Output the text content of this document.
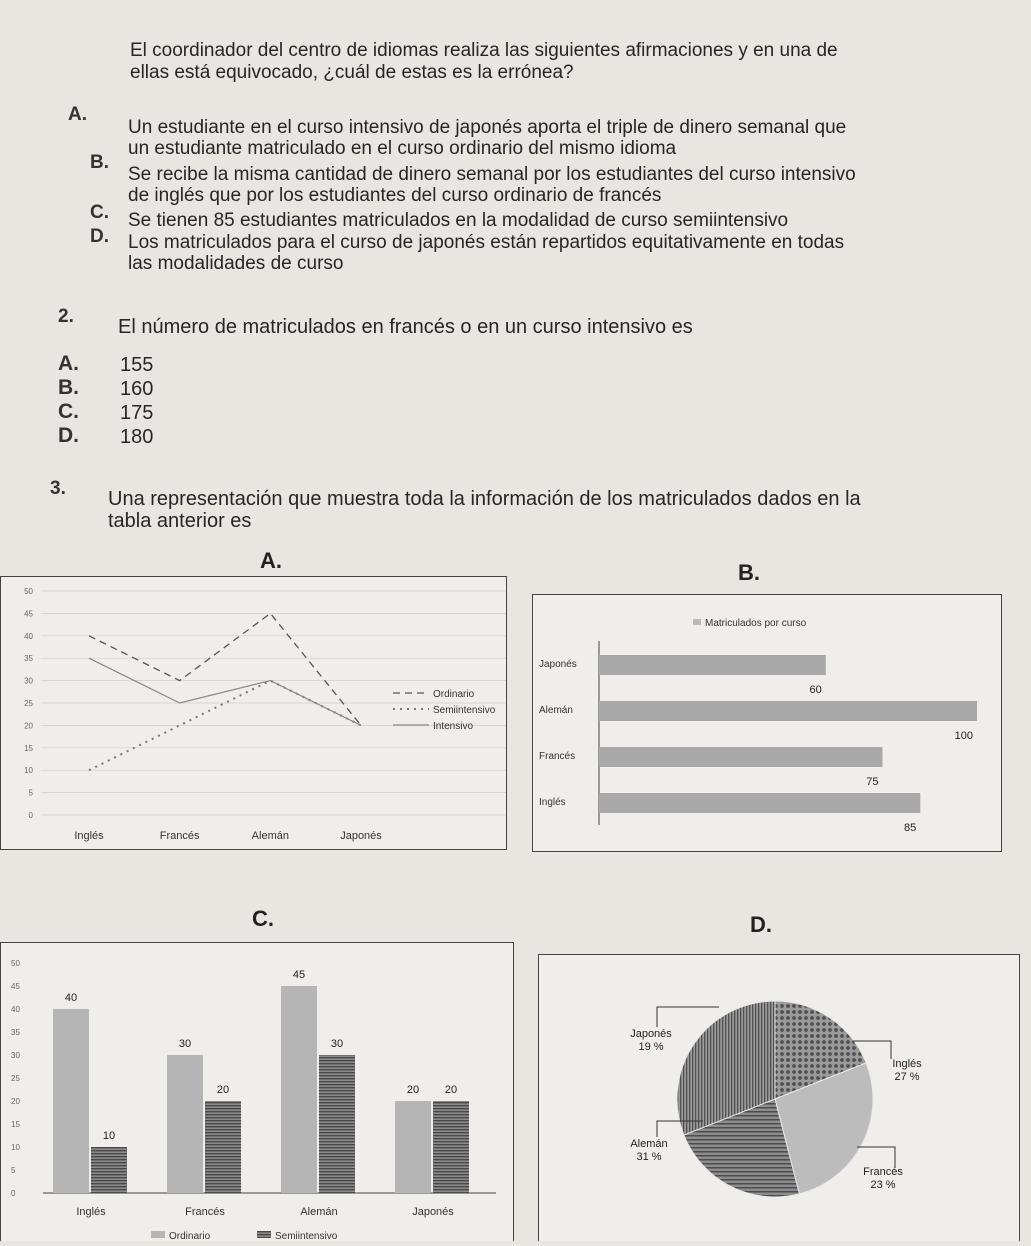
El coordinador del centro de idiomas realiza las siguientes afirmaciones y en una de
ellas está equivocado, ¿cuál de estas es la errónea?
A.
Un estudiante en el curso intensivo de japonés aporta el triple de dinero semanal que
un estudiante matriculado en el curso ordinario del mismo idioma
B.
Se recibe la misma cantidad de dinero semanal por los estudiantes del curso intensivo
de inglés que por los estudiantes del curso ordinario de francés
C. Se tienen 85 estudiantes matriculados en la modalidad de curso semiintensivo
D. Los matriculados para el curso de japonés están repartidos equitativamente en todas
las modalidades de curso
2. El número de matriculados en francés o en un curso intensivo es
A. 155
B. 160
C. 175
D. 180
3. Una representación que muestra toda la información de los matriculados dados en la
tabla anterior es
A.	B.
C.	D.
0
5
10
15
20
25
30
35
40
45
50
Inglés	Francés	Alemán	Japonés
Ordinario
Semiintensivo
Intensivo
Matriculados por curso
Japonés
60
Alemán
100
Francés
75
Inglés
85
0
5
10
15
20
25
30
35
40
45
50
40
10
Inglés
30
20
Francés
45
30
Alemán
20 20
Japonés
Ordinario	Semiintensivo
Japonés
19 %
Inglés
27 %
Francés
23 %
Alemán
31 %
